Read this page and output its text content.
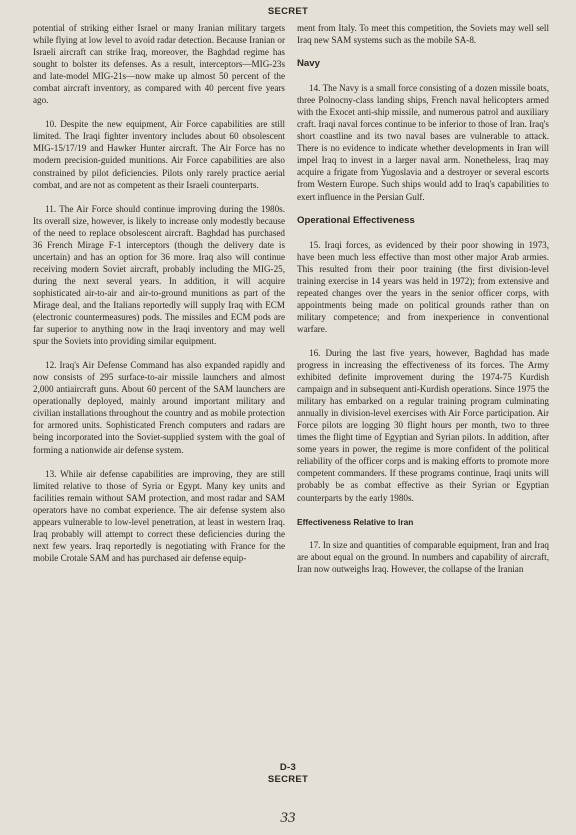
SECRET

potential of striking either Israel or many Iranian military targets while flying at low level to avoid radar detection. Because Iranian or Israeli aircraft can strike Iraq, moreover, the Baghdad regime has sought to bolster its defenses. As a result, interceptors—MIG-23s and late-model MIG-21s—now make up almost 50 percent of the combat aircraft inventory, as compared with 40 percent five years ago.

10. Despite the new equipment, Air Force capabilities are still limited. The Iraqi fighter inventory includes about 60 obsolescent MIG-15/17/19 and Hawker Hunter aircraft. The Air Force has no modern precision-guided munitions. Air Force capabilities are also constrained by pilot deficiencies. Pilots only rarely practice aerial combat, and are not as competent as their Israeli counterparts.

11. The Air Force should continue improving during the 1980s. Its overall size, however, is likely to increase only modestly because of the need to replace obsolescent aircraft. Baghdad has purchased 36 French Mirage F-1 interceptors (though the delivery date is uncertain) and has an option for 36 more. Iraq also will continue receiving modern Soviet aircraft, probably including the MIG-25, during the next several years. In addition, it will acquire sophisticated air-to-air and air-to-ground munitions as part of the Mirage deal, and the Italians reportedly will supply Iraq with ECM (electronic countermeasures) pods. The missiles and ECM pods are far superior to anything now in the Iraqi inventory and may well spur the Soviets into providing similar equipment.

12. Iraq's Air Defense Command has also expanded rapidly and now consists of 295 surface-to-air missile launchers and almost 2,000 antiaircraft guns. About 60 percent of the SAM launchers are operationally deployed, mainly around important military and civilian installations throughout the country and as mobile protection for armored units. Sophisticated French computers and radars are being incorporated into the Soviet-supplied system with the goal of forming a nationwide air defense system.

13. While air defense capabilities are improving, they are still limited relative to those of Syria or Egypt. Many key units and facilities remain without SAM protection, and most radar and SAM operators have no combat experience. The air defense system also appears vulnerable to low-level penetration, at least in western Iraq. Iraq probably will attempt to correct these deficiencies during the next few years. Iraq reportedly is negotiating with France for the mobile Crotale SAM and has purchased air defense equip-

ment from Italy. To meet this competition, the Soviets may well sell Iraq new SAM systems such as the mobile SA-8.

Navy

14. The Navy is a small force consisting of a dozen missile boats, three Polnocny-class landing ships, French naval helicopters armed with the Exocet anti-ship missile, and numerous patrol and auxiliary craft. Iraqi naval forces continue to be inferior to those of Iran. Iraq's short coastline and its two naval bases are vulnerable to attack. There is no evidence to indicate whether developments in Iran will impel Iraq to invest in a larger naval arm. Nonetheless, Iraq may acquire a frigate from Yugoslavia and a destroyer or several escorts from Western Europe. Such ships would add to Iraq's capabilities to exert influence in the Persian Gulf.

Operational Effectiveness

15. Iraqi forces, as evidenced by their poor showing in 1973, have been much less effective than most other major Arab armies. This resulted from their poor training (the first division-level training exercise in 14 years was held in 1972); from extensive and repeated changes over the years in the senior officer corps, with appointments being made on political grounds rather than on military competence; and from inexperience in conventional warfare.

16. During the last five years, however, Baghdad has made progress in increasing the effectiveness of its forces. The Army exhibited definite improvement during the 1974-75 Kurdish campaign and in subsequent anti-Kurdish operations. Since 1975 the military has embarked on a regular training program culminating annually in division-level exercises with Air Force participation. Air Force pilots are logging 30 flight hours per month, two to three times the flight time of Egyptian and Syrian pilots. In addition, after some years in power, the regime is more confident of the political reliability of the officer corps and is making efforts to promote more competent commanders. If these programs continue, Iraqi units will probably be as combat effective as their Syrian or Egyptian counterparts by the early 1980s.

Effectiveness Relative to Iran

17. In size and quantities of comparable equipment, Iran and Iraq are about equal on the ground. In numbers and capability of aircraft, Iran now outweighs Iraq. However, the collapse of the Iranian

D-3
SECRET
33
